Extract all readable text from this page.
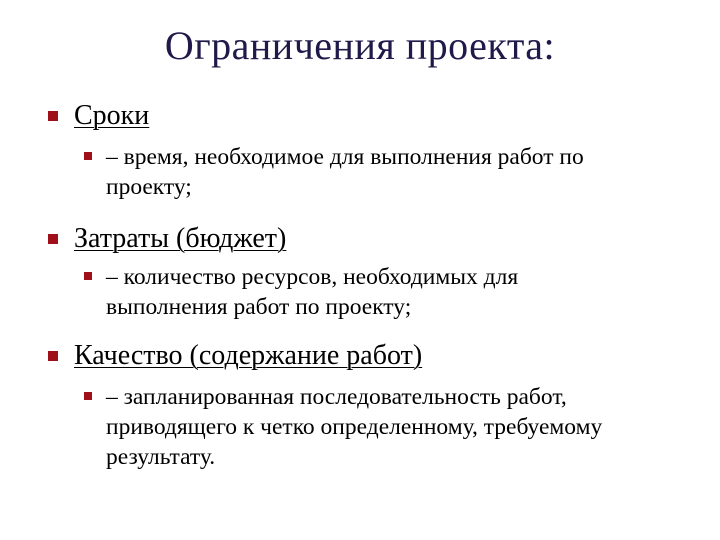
Ограничения проекта:
Сроки
– время, необходимое для выполнения работ по
проекту;
Затраты (бюджет)
– количество ресурсов, необходимых для
выполнения работ по проекту;
Качество (содержание работ)
– запланированная последовательность работ,
приводящего к четко определенному, требуемому
результату.
